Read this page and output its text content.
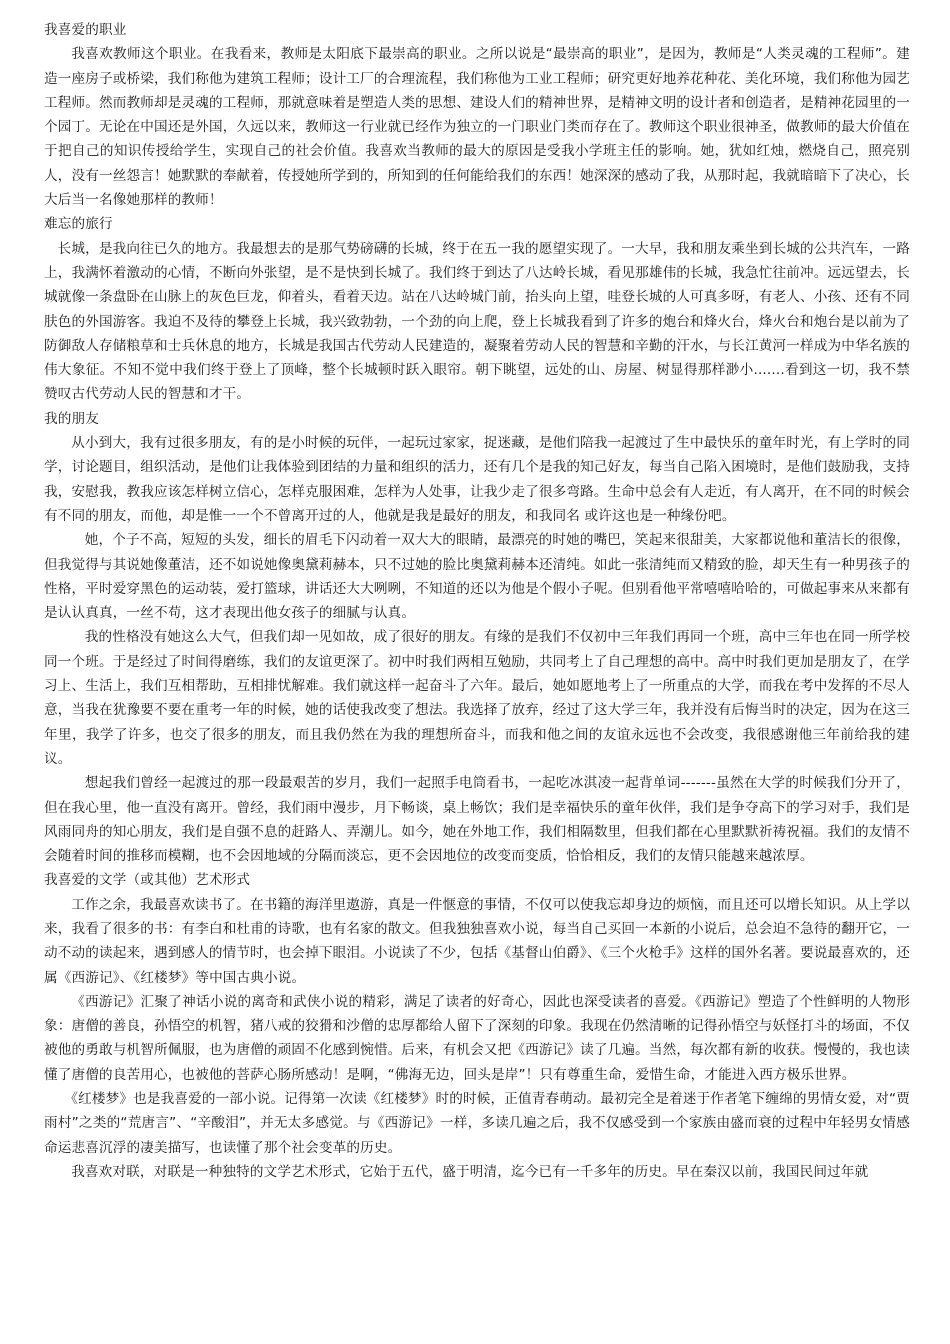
我喜爱的职业

我喜欢教师这个职业。在我看来，教师是太阳底下最崇高的职业。之所以说是“最崇高的职业”，是因为，教师是“人类灵魂的工程师”。建造一座房子或桥梁，我们称他为建筑工程师；设计工厂的合理流程，我们称他为工业工程师；研究更好地养花种花、美化环境，我们称他为园艺工程师。然而教师却是灵魂的工程师，那就意味着是塑造人类的思想、建设人们的精神世界，是精神文明的设计者和创造者，是精神花园里的一个园丁。无论在中国还是外国，久远以来，教师这一行业就已经作为独立的一门职业门类而存在了。教师这个职业很神圣，做教师的最大价值在于把自己的知识传授给学生，实现自己的社会价值。我喜欢当教师的最大的原因是受我小学班主任的影响。她，犹如红烛，燃烧自己，照亮别人，没有一丝怨言！她默默的奉献着，传授她所学到的，所知到的任何能给我们的东西！她深深的感动了我，从那时起，我就暗暗下了决心，长大后当一名像她那样的教师！

难忘的旅行

长城，是我向往已久的地方。我最想去的是那气势磅礴的长城，终于在五一我的愿望实现了。一大早，我和朋友乘坐到长城的公共汽车，一路上，我满怀着激动的心情，不断向外张望，是不是快到长城了。我们终于到达了八达岭长城，看见那雄伟的长城，我急忙往前冲。远远望去，长城就像一条盘卧在山脉上的灰色巨龙，仰着头，看着天边。站在八达岭城门前，抬头向上望，哇登长城的人可真多呀，有老人、小孩、还有不同肤色的外国游客。我迫不及待的攀登上长城，我兴致勃勃，一个劲的向上爬，登上长城我看到了许多的炮台和烽火台，烽火台和炮台是以前为了防御敌人存储粮草和士兵休息的地方，长城是我国古代劳动人民建造的，凝聚着劳动人民的智慧和辛勤的汗水，与长江黄河一样成为中华名族的伟大象征。不知不觉中我们终于登上了顶峰，整个长城顿时跃入眼帘。朝下眺望，远处的山、房屋、树显得那样渺小.......看到这一切，我不禁赞叹古代劳动人民的智慧和才干。

我的朋友

从小到大，我有过很多朋友，有的是小时候的玩伴，一起玩过家家，捉迷藏，是他们陪我一起渡过了生中最快乐的童年时光，有上学时的同学，讨论题目，组织活动，是他们让我体验到团结的力量和组织的活力，还有几个是我的知己好友，每当自己陷入困境时，是他们鼓励我，支持我，安慰我，教我应该怎样树立信心，怎样克服困难，怎样为人处事，让我少走了很多弯路。生命中总会有人走近，有人离开，在不同的时候会有不同的朋友，而他，却是惟一一个不曾离开过的人，他就是我是最好的朋友，和我同名 或许这也是一种缘份吧。

她，个子不高，短短的头发，细长的眉毛下闪动着一双大大的眼睛，最漂亮的时她的嘴巴，笑起来很甜美，大家都说他和董洁长的很像，但我觉得与其说她像董洁，还不如说她像奥黛莉赫本，只不过她的脸比奥黛莉赫本还清纯。如此一张清纯而又精致的脸，却天生有一种男孩子的性格，平时爱穿黑色的运动装，爱打篮球，讲话还大大咧咧，不知道的还以为他是个假小子呢。但别看他平常嘻嘻哈哈的，可做起事来从来都有是认认真真，一丝不苟，这才表现出他女孩子的细腻与认真。

我的性格没有她这么大气，但我们却一见如故，成了很好的朋友。有缘的是我们不仅初中三年我们再同一个班，高中三年也在同一所学校同一个班。于是经过了时间得磨练，我们的友谊更深了。初中时我们两相互勉励，共同考上了自己理想的高中。高中时我们更加是朋友了，在学习上、生活上，我们互相帮助，互相排忧解难。我们就这样一起奋斗了六年。最后，她如愿地考上了一所重点的大学，而我在考中发挥的不尽人意，当我在犹豫要不要在重考一年的时候，她的话使我改变了想法。我选择了放弃，经过了这大学三年，我并没有后悔当时的决定，因为在这三年里，我学了许多，也交了很多的朋友，而且我仍然在为我的理想所奋斗，而我和他之间的友谊永远也不会改变，我很感谢他三年前给我的建议。

想起我们曾经一起渡过的那一段最艰苦的岁月，我们一起照手电筒看书，一起吃冰淇凌一起背单词-------虽然在大学的时候我们分开了，但在我心里，他一直没有离开。曾经，我们雨中漫步，月下畅谈，桌上畅饮；我们是幸福快乐的童年伙伴，我们是争夺高下的学习对手，我们是风雨同舟的知心朋友，我们是自强不息的赶路人、弄潮儿。如今，她在外地工作，我们相隔数里，但我们都在心里默默祈祷祝福。我们的友情不会随着时间的推移而模糊，也不会因地域的分隔而淡忘，更不会因地位的改变而变质，恰恰相反，我们的友情只能越来越浓厚。

我喜爱的文学（或其他）艺术形式

工作之余，我最喜欢读书了。在书籍的海洋里遨游，真是一件惬意的事情，不仅可以使我忘却身边的烦恼，而且还可以增长知识。从上学以来，我看了很多的书：有李白和杜甫的诗歌，也有名家的散文。但我独独喜欢小说，每当自己买回一本新的小说后，总会迫不急待的翻开它，一动不动的读起来，遇到感人的情节时，也会掉下眼泪。小说读了不少，包括《基督山伯爵》、《三个火枪手》这样的国外名著。要说最喜欢的，还属《西游记》、《红楼梦》等中国古典小说。

《西游记》汇聚了神话小说的离奇和武侠小说的精彩，满足了读者的好奇心，因此也深受读者的喜爱。《西游记》塑造了个性鲜明的人物形象：唐僧的善良，孙悟空的机智，猪八戒的狡猾和沙僧的忠厚都给人留下了深刻的印象。我现在仍然清晰的记得孙悟空与妖怪打斗的场面，不仅被他的勇敢与机智所佩服，也为唐僧的顽固不化感到惋惜。后来，有机会又把《西游记》读了几遍。当然，每次都有新的收获。慢慢的，我也读懂了唐僧的良苦用心，也被他的菩萨心肠所感动！是啊，“佛海无边，回头是岸”！只有尊重生命，爱惜生命，才能进入西方极乐世界。

《红楼梦》也是我喜爱的一部小说。记得第一次读《红楼梦》时的时候，正值青春萌动。最初完全是着迷于作者笔下缠绵的男情女爱，对“贾雨村”之类的“荒唐言”、“辛酸泪”，并无太多感觉。与《西游记》一样，多读几遍之后，我不仅感受到一个家族由盛而衰的过程中年轻男女情感命运悲喜沉浮的凄美描写，也读懂了那个社会变革的历史。

我喜欢对联，对联是一种独特的文学艺术形式，它始于五代，盛于明清，迄今已有一千多年的历史。早在秦汉以前，我国民间过年就
